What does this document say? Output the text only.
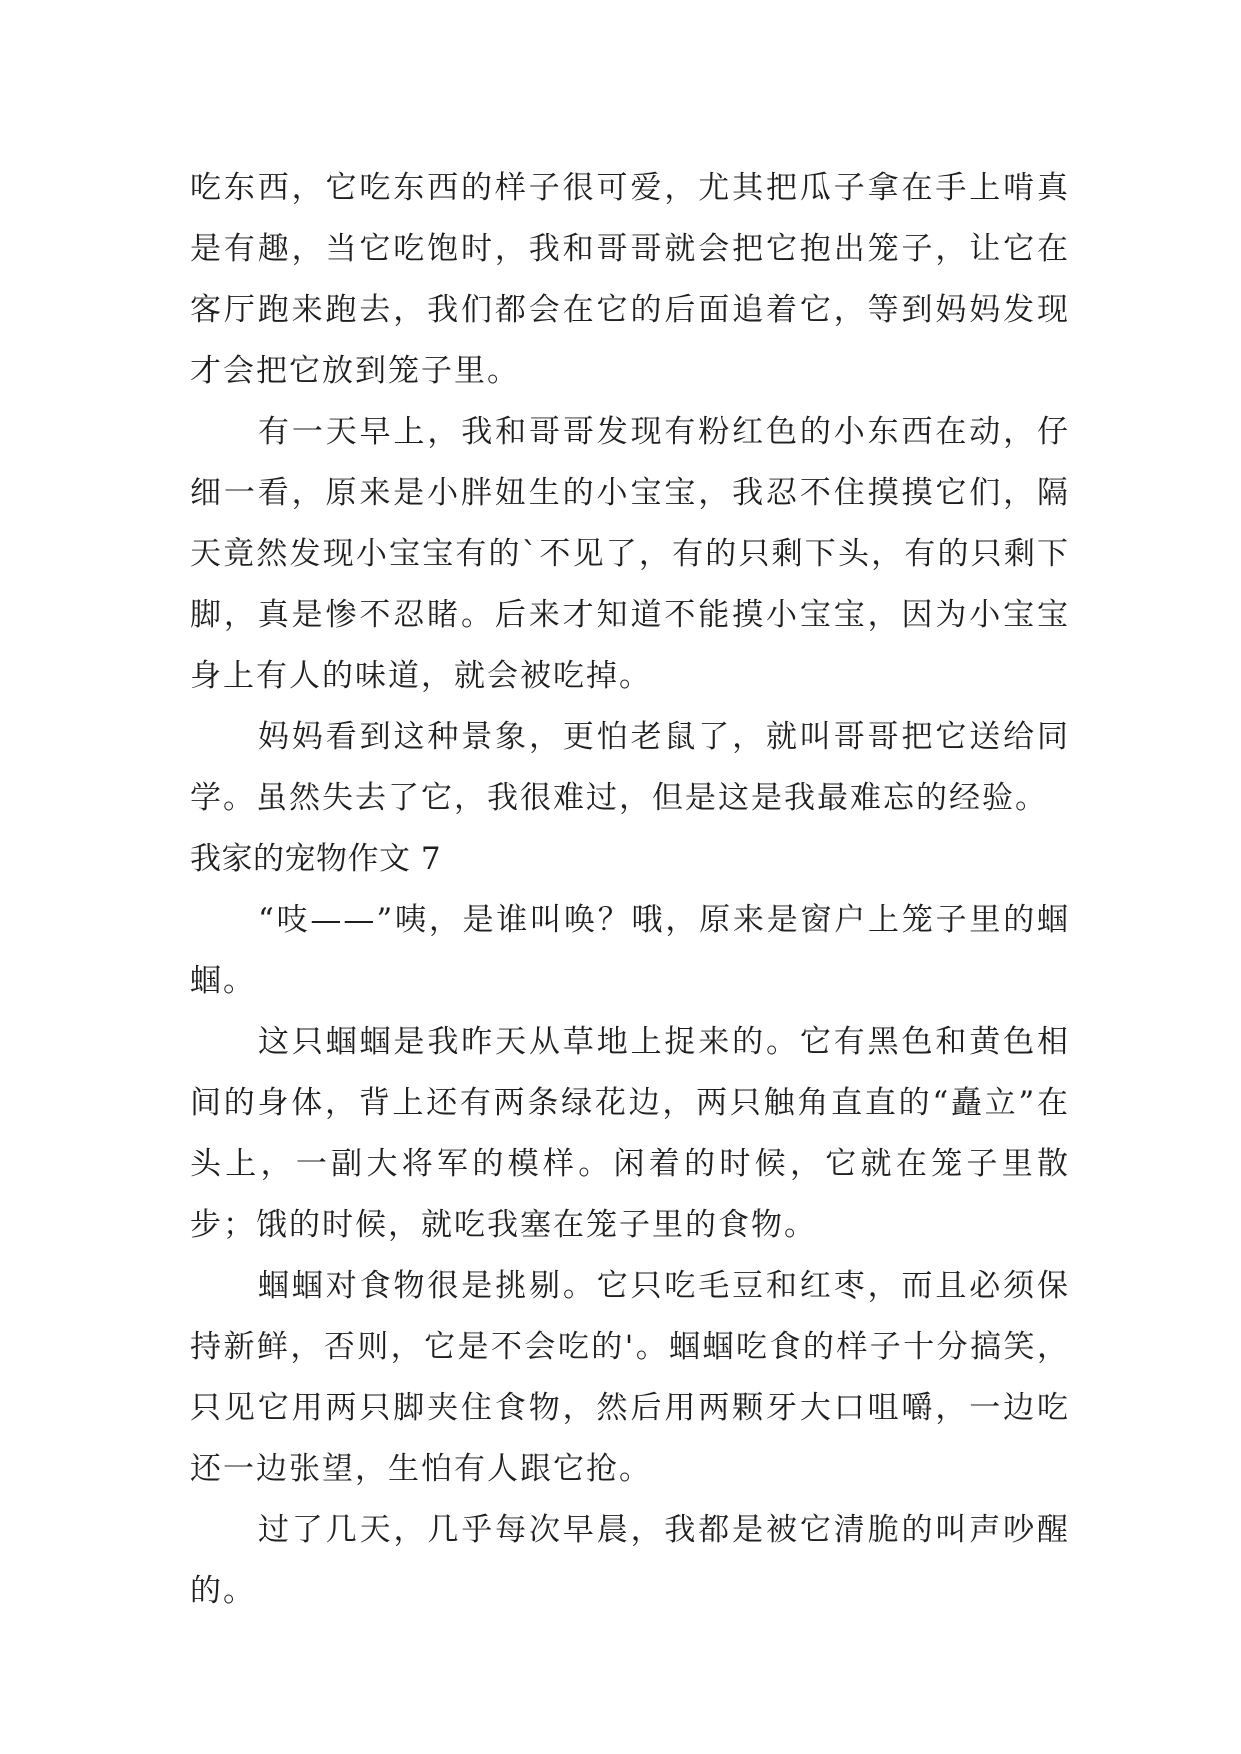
吃东西，它吃东西的样子很可爱，尤其把瓜子拿在手上啃真是有趣，当它吃饱时，我和哥哥就会把它抱出笼子，让它在客厅跑来跑去，我们都会在它的后面追着它，等到妈妈发现才会把它放到笼子里。

有一天早上，我和哥哥发现有粉红色的小东西在动，仔细一看，原来是小胖妞生的小宝宝，我忍不住摸摸它们，隔天竟然发现小宝宝有的`不见了，有的只剩下头，有的只剩下脚，真是惨不忍睹。后来才知道不能摸小宝宝，因为小宝宝身上有人的味道，就会被吃掉。

妈妈看到这种景象，更怕老鼠了，就叫哥哥把它送给同学。虽然失去了它，我很难过，但是这是我最难忘的经验。

我家的宠物作文 7

“吱——”咦，是谁叫唤？哦，原来是窗户上笼子里的蝈蝈。

这只蝈蝈是我昨天从草地上捉来的。它有黑色和黄色相间的身体，背上还有两条绿花边，两只触角直直的“矗立”在头上，一副大将军的模样。闲着的时候，它就在笼子里散步；饿的时候，就吃我塞在笼子里的食物。

蝈蝈对食物很是挑剔。它只吃毛豆和红枣，而且必须保持新鲜，否则，它是不会吃的'。蝈蝈吃食的样子十分搞笑，只见它用两只脚夹住食物，然后用两颗牙大口咀嚼，一边吃还一边张望，生怕有人跟它抢。

过了几天，几乎每次早晨，我都是被它清脆的叫声吵醒的。
